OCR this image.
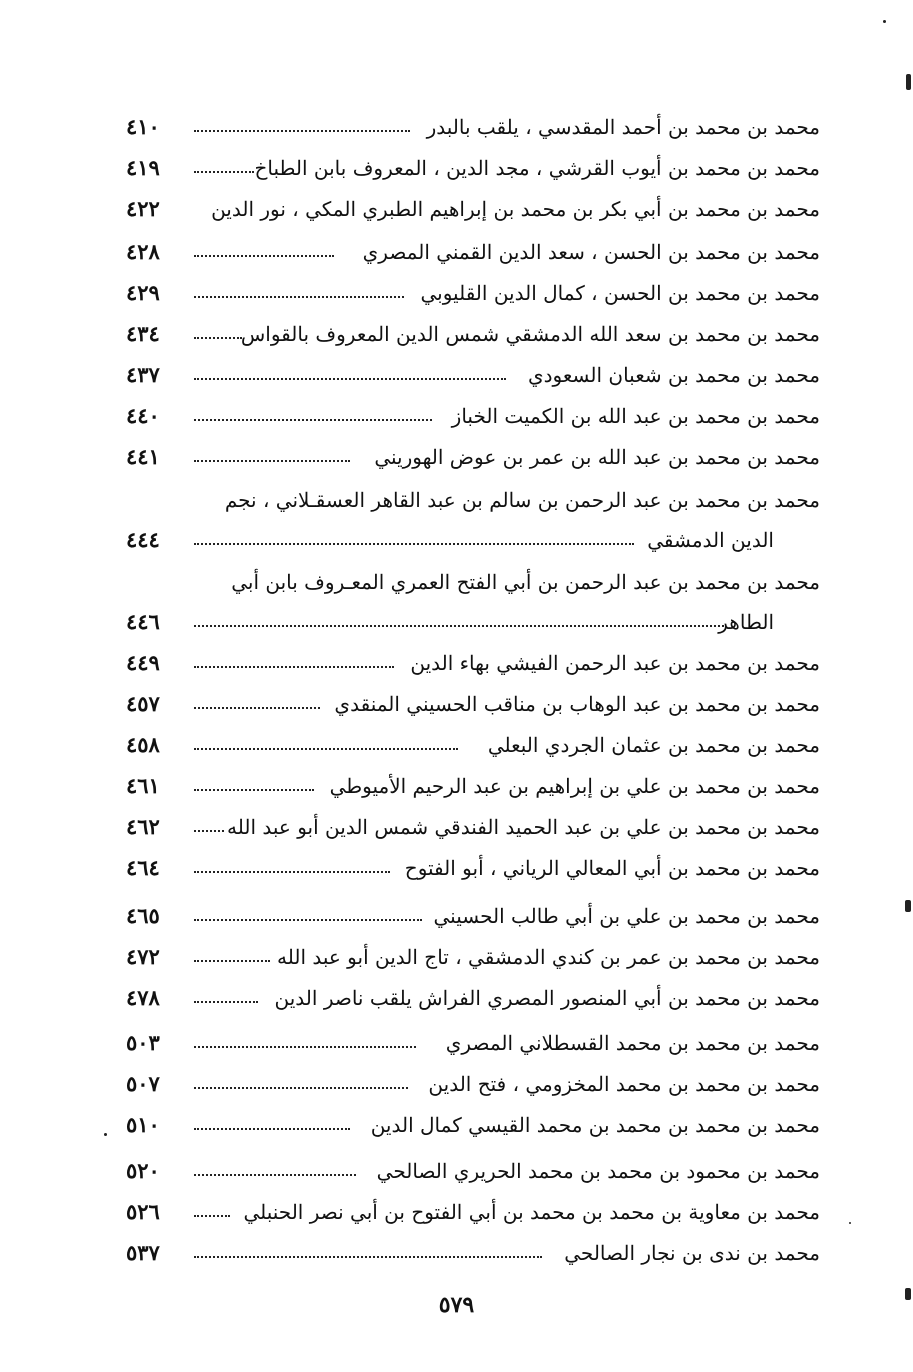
٤١٠	محمد بن محمد بن أحمد المقدسي ، يلقب بالبدر
٤١٩	محمد بن محمد بن أيوب القرشي ، مجد الدين ، المعروف بابن الطباخ
٤٢٢	محمد بن محمد بن أبي بكر بن محمد بن إبراهيم الطبري المكي ، نور الدين
٤٢٨	محمد بن محمد بن الحسن ، سعد الدين القمني المصري
٤٢٩	محمد بن محمد بن الحسن ، كمال الدين القليوبي
٤٣٤	محمد بن محمد بن سعد الله الدمشقي شمس الدين المعروف بالقواس
٤٣٧	محمد بن محمد بن شعبان السعودي
٤٤٠	محمد بن محمد بن عبد الله بن الكميت الخباز
٤٤١	محمد بن محمد بن عبد الله بن عمر بن عوض الهوريني
محمد بن محمد بن عبد الرحمن بن سالم بن عبد القاهر العسقـلاني ، نجم
٤٤٤	الدين الدمشقي
محمد بن محمد بن عبد الرحمن بن أبي الفتح العمري المعـروف بابن أبي
٤٤٦	الطاهر
٤٤٩	محمد بن محمد بن عبد الرحمن الفيشي بهاء الدين
٤٥٧	محمد بن محمد بن عبد الوهاب بن مناقب الحسيني المنقدي
٤٥٨	محمد بن محمد بن عثمان الجردي البعلي
٤٦١	محمد بن محمد بن علي بن إبراهيم بن عبد الرحيم الأميوطي
٤٦٢	محمد بن محمد بن علي بن عبد الحميد الفندقي شمس الدين أبو عبد الله
٤٦٤	محمد بن محمد بن أبي المعالي الرياني ، أبو الفتوح
٤٦٥	محمد بن محمد بن علي بن أبي طالب الحسيني
٤٧٢	محمد بن محمد بن عمر بن كندي الدمشقي ، تاج الدين أبو عبد الله
٤٧٨	محمد بن محمد بن أبي المنصور المصري الفراش يلقب ناصر الدين
٥٠٣	محمد بن محمد بن محمد القسطلاني المصري
٥٠٧	محمد بن محمد بن محمد المخزومي ، فتح الدين
٥١٠	محمد بن محمد بن محمد بن محمد القيسي كمال الدين
٥٢٠	محمد بن محمود بن محمد بن محمد الحريري الصالحي
٥٢٦	محمد بن معاوية بن محمد بن محمد بن أبي الفتوح بن أبي نصر الحنبلي
٥٣٧	محمد بن ندى بن نجار الصالحي
٥٧٩
